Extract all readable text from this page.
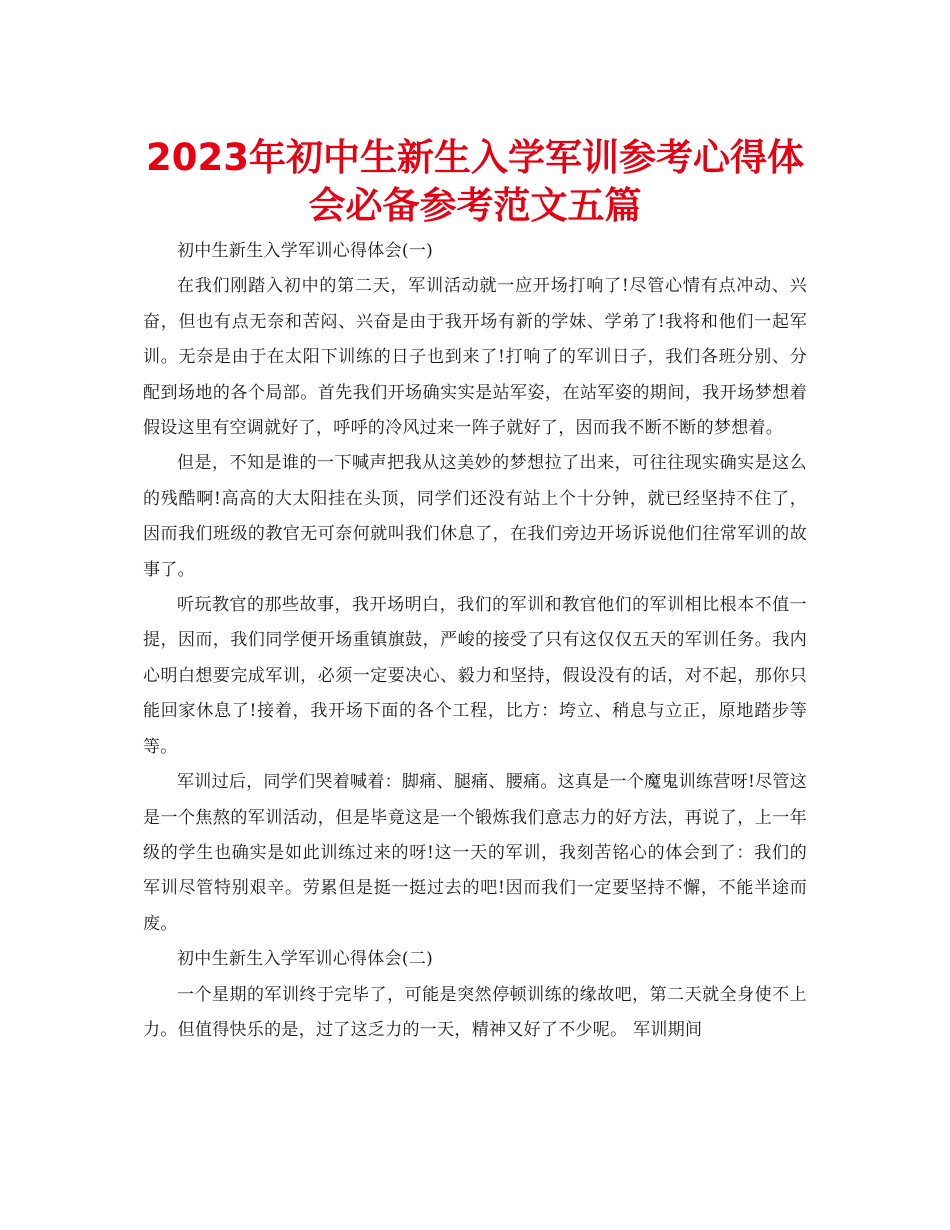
2023年初中生新生入学军训参考心得体会必备参考范文五篇

初中生新生入学军训心得体会(一)

在我们刚踏入初中的第二天，军训活动就一应开场打响了!尽管心情有点冲动、兴奋，但也有点无奈和苦闷、兴奋是由于我开场有新的学妹、学弟了!我将和他们一起军训。无奈是由于在太阳下训练的日子也到来了!打响了的军训日子，我们各班分别、分配到场地的各个局部。首先我们开场确实实是站军姿，在站军姿的期间，我开场梦想着假设这里有空调就好了，呼呼的冷风过来一阵子就好了，因而我不断不断的梦想着。

但是，不知是谁的一下喊声把我从这美妙的梦想拉了出来，可往往现实确实是这么的残酷啊!高高的大太阳挂在头顶，同学们还没有站上个十分钟，就已经坚持不住了，因而我们班级的教官无可奈何就叫我们休息了，在我们旁边开场诉说他们往常军训的故事了。

听玩教官的那些故事，我开场明白，我们的军训和教官他们的军训相比根本不值一提，因而，我们同学便开场重镇旗鼓，严峻的接受了只有这仅仅五天的军训任务。我内心明白想要完成军训，必须一定要决心、毅力和坚持，假设没有的话，对不起，那你只能回家休息了!接着，我开场下面的各个工程，比方：垮立、稍息与立正，原地踏步等等。

军训过后，同学们哭着喊着：脚痛、腿痛、腰痛。这真是一个魔鬼训练营呀!尽管这是一个焦熬的军训活动，但是毕竟这是一个锻炼我们意志力的好方法，再说了，上一年级的学生也确实是如此训练过来的呀!这一天的军训，我刻苦铭心的体会到了：我们的军训尽管特别艰辛。劳累但是挺一挺过去的吧!因而我们一定要坚持不懈，不能半途而废。

初中生新生入学军训心得体会(二)

一个星期的军训终于完毕了，可能是突然停顿训练的缘故吧，第二天就全身使不上力。但值得快乐的是，过了这乏力的一天，精神又好了不少呢。 军训期间
